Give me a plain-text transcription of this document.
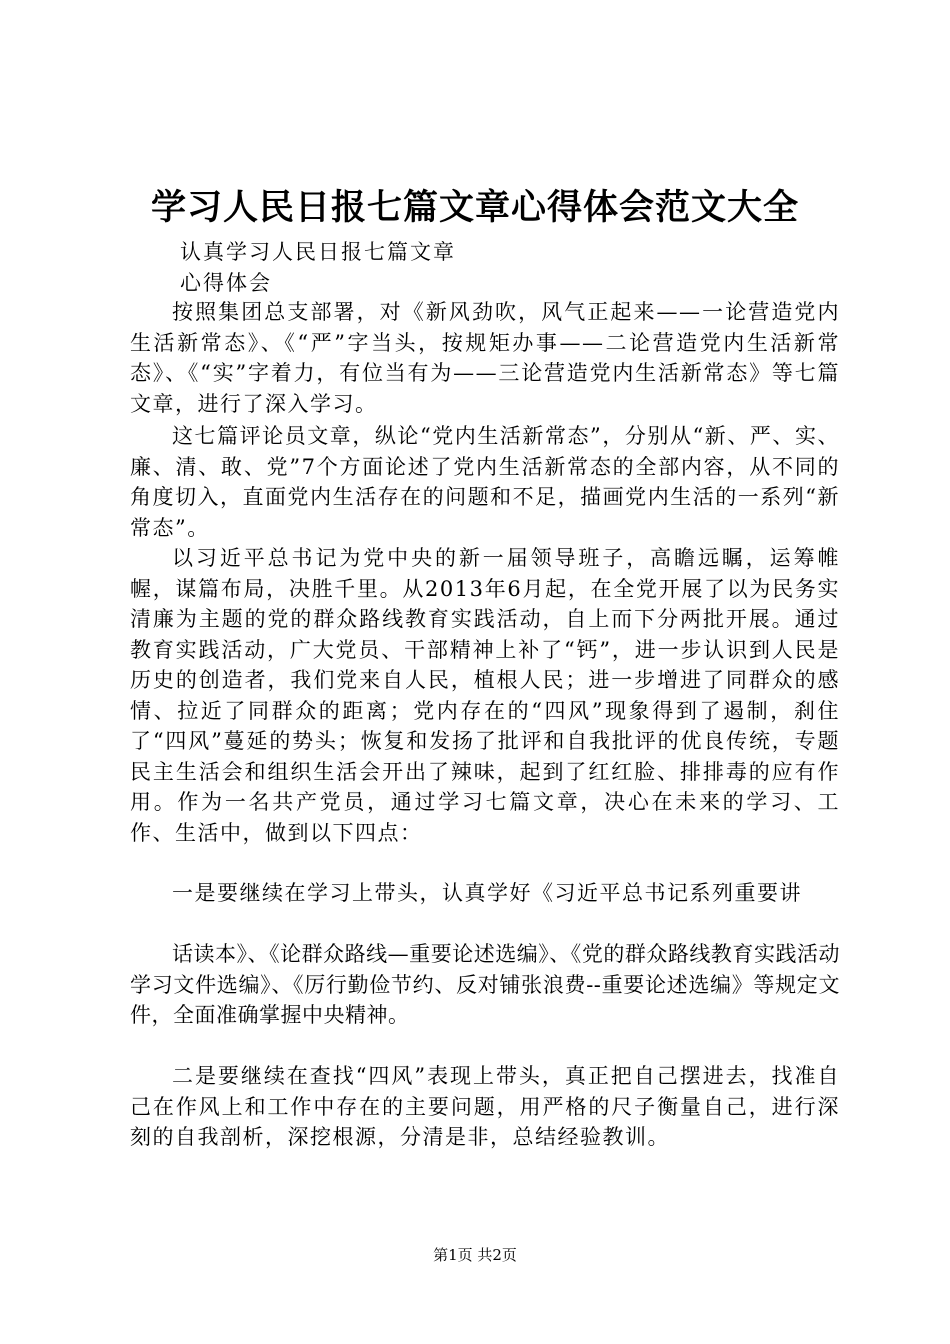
学习人民日报七篇文章心得体会范文大全

认真学习人民日报七篇文章

心得体会

按照集团总支部署，对《新风劲吹，风气正起来——一论营造党内生活新常态》、《“严”字当头，按规矩办事——二论营造党内生活新常态》、《“实”字着力，有位当有为——三论营造党内生活新常态》等七篇文章，进行了深入学习。

这七篇评论员文章，纵论“党内生活新常态”，分别从“新、严、实、廉、清、敢、党”7个方面论述了党内生活新常态的全部内容，从不同的角度切入，直面党内生活存在的问题和不足，描画党内生活的一系列“新常态”。

以习近平总书记为党中央的新一届领导班子，高瞻远瞩，运筹帷幄，谋篇布局，决胜千里。从2013年6月起，在全党开展了以为民务实清廉为主题的党的群众路线教育实践活动，自上而下分两批开展。通过教育实践活动，广大党员、干部精神上补了“钙”，进一步认识到人民是历史的创造者，我们党来自人民，植根人民；进一步增进了同群众的感情、拉近了同群众的距离；党内存在的“四风”现象得到了遏制，刹住了“四风”蔓延的势头；恢复和发扬了批评和自我批评的优良传统，专题民主生活会和组织生活会开出了辣味，起到了红红脸、排排毒的应有作用。作为一名共产党员，通过学习七篇文章，决心在未来的学习、工作、生活中，做到以下四点：

一是要继续在学习上带头，认真学好《习近平总书记系列重要讲

话读本》、《论群众路线—重要论述选编》、《党的群众路线教育实践活动学习文件选编》、《厉行勤俭节约、反对铺张浪费--重要论述选编》等规定文件，全面准确掌握中央精神。

二是要继续在查找“四风”表现上带头，真正把自己摆进去，找准自己在作风上和工作中存在的主要问题，用严格的尺子衡量自己，进行深刻的自我剖析，深挖根源，分清是非，总结经验教训。

第1页 共2页
